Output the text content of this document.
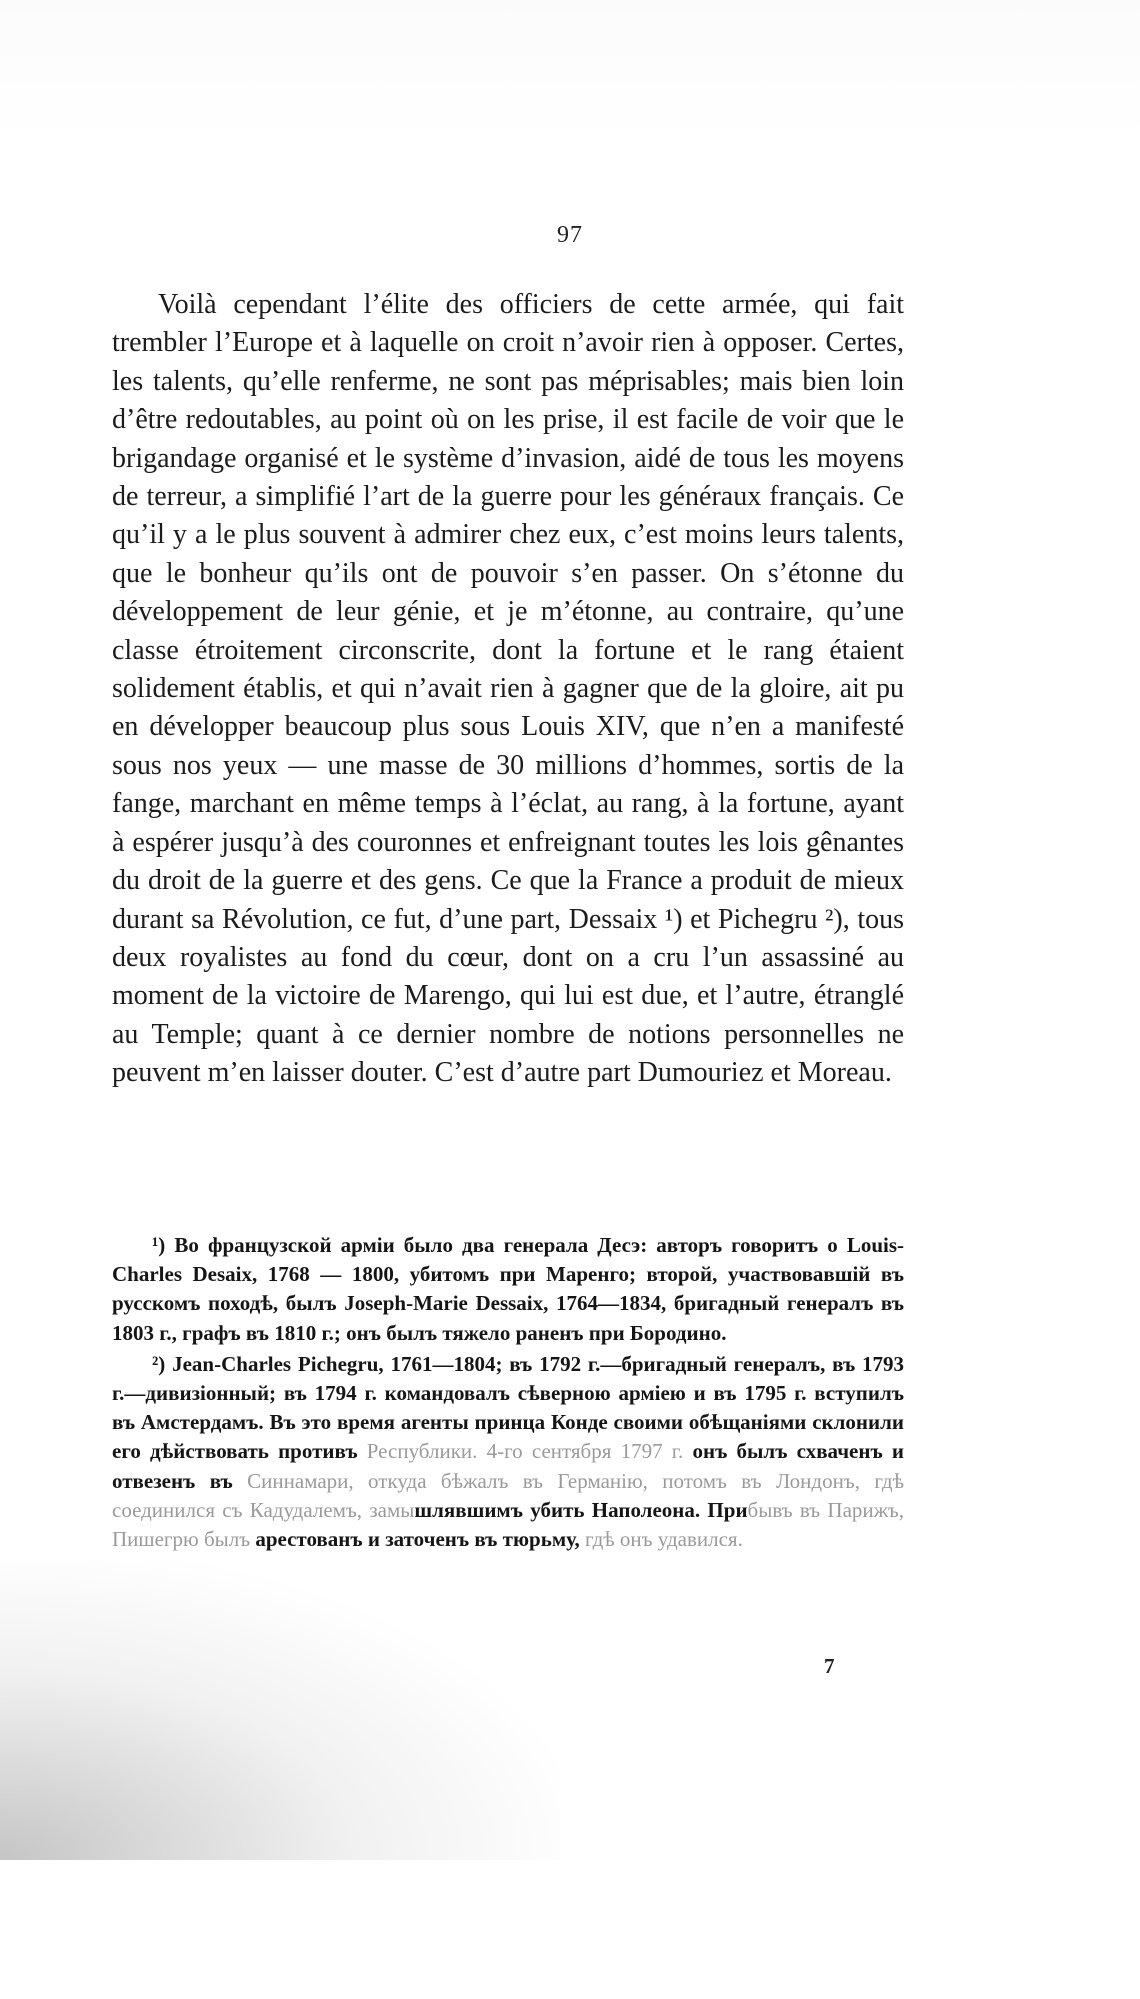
97

Voilà cependant l’élite des officiers de cette armée, qui fait trembler l’Europe et à laquelle on croit n’avoir rien à opposer. Certes, les talents, qu’elle renferme, ne sont pas méprisables; mais bien loin d’être redoutables, au point où on les prise, il est facile de voir que le brigandage organisé et le système d’invasion, aidé de tous les moyens de terreur, a simplifié l’art de la guerre pour les généraux français. Ce qu’il y a le plus souvent à admirer chez eux, c’est moins leurs talents, que le bonheur qu’ils ont de pouvoir s’en passer. On s’étonne du développement de leur génie, et je m’étonne, au contraire, qu’une classe étroitement circonscrite, dont la fortune et le rang étaient solidement établis, et qui n’avait rien à gagner que de la gloire, ait pu en développer beaucoup plus sous Louis XIV, que n’en a manifesté sous nos yeux — une masse de 30 millions d’hommes, sortis de la fange, marchant en même temps à l’éclat, au rang, à la fortune, ayant à espérer jusqu’à des couronnes et enfreignant toutes les lois gênantes du droit de la guerre et des gens. Ce que la France a produit de mieux durant sa Révolution, ce fut, d’une part, Dessaix ¹) et Pichegru ²), tous deux royalistes au fond du cœur, dont on a cru l’un assassiné au moment de la victoire de Marengo, qui lui est due, et l’autre, étranglé au Temple; quant à ce dernier nombre de notions personnelles ne peuvent m’en laisser douter. C’est d’autre part Dumouriez et Moreau.

¹) Во французской арміи было два генерала Десэ: авторъ говоритъ о Louis-Charles Desaix, 1768 — 1800, убитомъ при Маренго; второй, участвовавшій въ русскомъ походѣ, былъ Joseph-Marie Dessaix, 1764—1834, бригадный генералъ въ 1803 г., графъ въ 1810 г.; онъ былъ тяжело раненъ при Бородино.

²) Jean-Charles Pichegru, 1761—1804; въ 1792 г.—бригадный генералъ, въ 1793 г.—дивизіонный; въ 1794 г. командовалъ сѣверною арміею и въ 1795 г. вступилъ въ Амстердамъ. Въ это время агенты принца Конде своими обѣщаніями склонили его дѣйствовать противъ Республики. 4-го сентября 1797 г. онъ былъ схваченъ и отвезенъ въ Синнамари, откуда бѣжалъ въ Германію, потомъ въ Лондонъ, гдѣ соединился съ Кадудалемъ, замышлявшимъ убить Наполеона. Прибывъ въ Парижъ, Пишегрю былъ арестованъ и заточенъ въ тюрьму, гдѣ онъ удавился.

7
